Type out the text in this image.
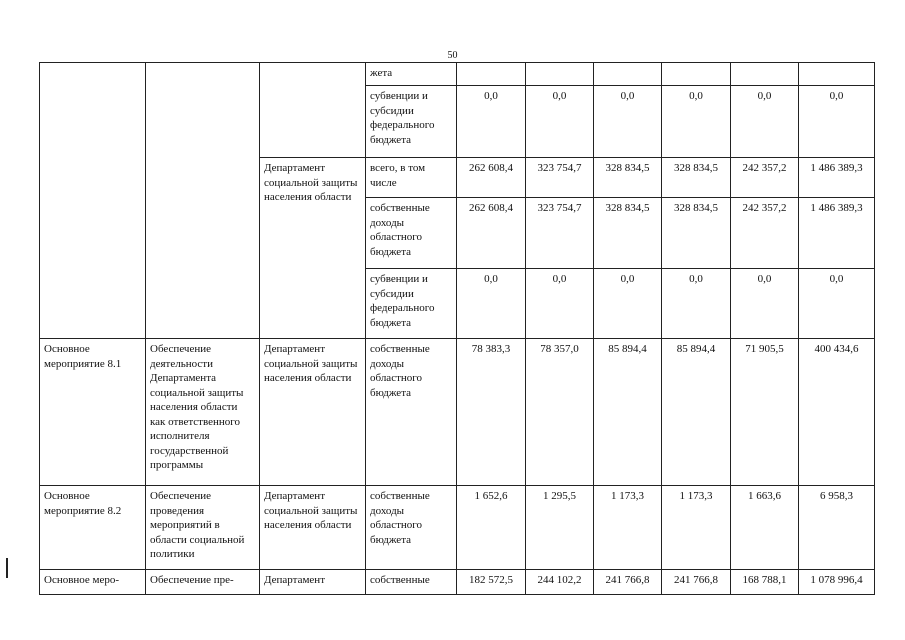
50
			жета						
			субвенции и субсидии федерального бюджета	0,0	0,0	0,0	0,0	0,0	0,0
		Департамент социальной защиты населения области	всего, в том числе	262 608,4	323 754,7	328 834,5	328 834,5	242 357,2	1 486 389,3
			собственные доходы областного бюджета	262 608,4	323 754,7	328 834,5	328 834,5	242 357,2	1 486 389,3
			субвенции и субсидии федерального бюджета	0,0	0,0	0,0	0,0	0,0	0,0
Основное мероприятие 8.1	Обеспечение деятельности Департамента социальной защиты населения области как ответственного исполнителя государственной программы	Департамент социальной защиты населения области	собственные доходы областного бюджета	78 383,3	78 357,0	85 894,4	85 894,4	71 905,5	400 434,6
Основное мероприятие 8.2	Обеспечение проведения мероприятий в области социальной политики	Департамент социальной защиты населения области	собственные доходы областного бюджета	1 652,6	1 295,5	1 173,3	1 173,3	1 663,6	6 958,3
Основное меро-	Обеспечение пре-	Департамент	собственные	182 572,5	244 102,2	241 766,8	241 766,8	168 788,1	1 078 996,4
